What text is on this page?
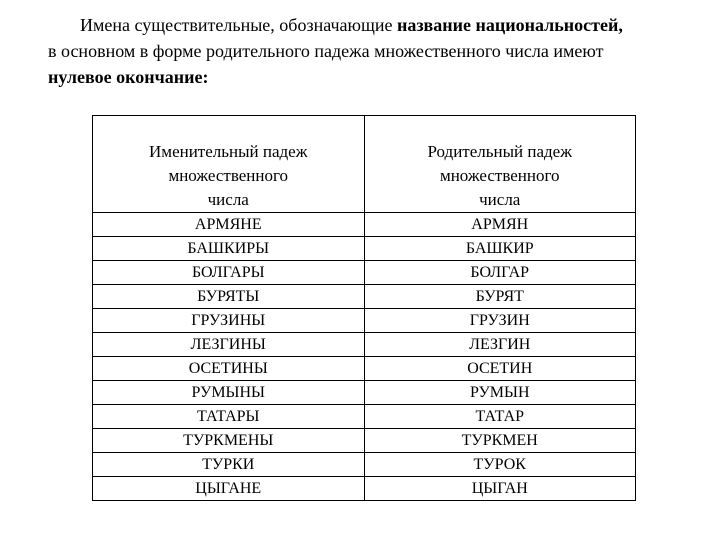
Имена существительные, обозначающие название национальностей,
в основном в форме родительного падежа множественного числа имеют
нулевое окончание:
Именительный падеж множественного числа	Родительный падеж множественного числа

АРМЯНЕ	АРМЯН
БАШКИРЫ	БАШКИР
БОЛГАРЫ	БОЛГАР
БУРЯТЫ	БУРЯТ
ГРУЗИНЫ	ГРУЗИН
ЛЕЗГИНЫ	ЛЕЗГИН
ОСЕТИНЫ	ОСЕТИН
РУМЫНЫ	РУМЫН
ТАТАРЫ	ТАТАР
ТУРКМЕНЫ	ТУРКМЕН
ТУРКИ	ТУРОК
ЦЫГАНЕ	ЦЫГАН
